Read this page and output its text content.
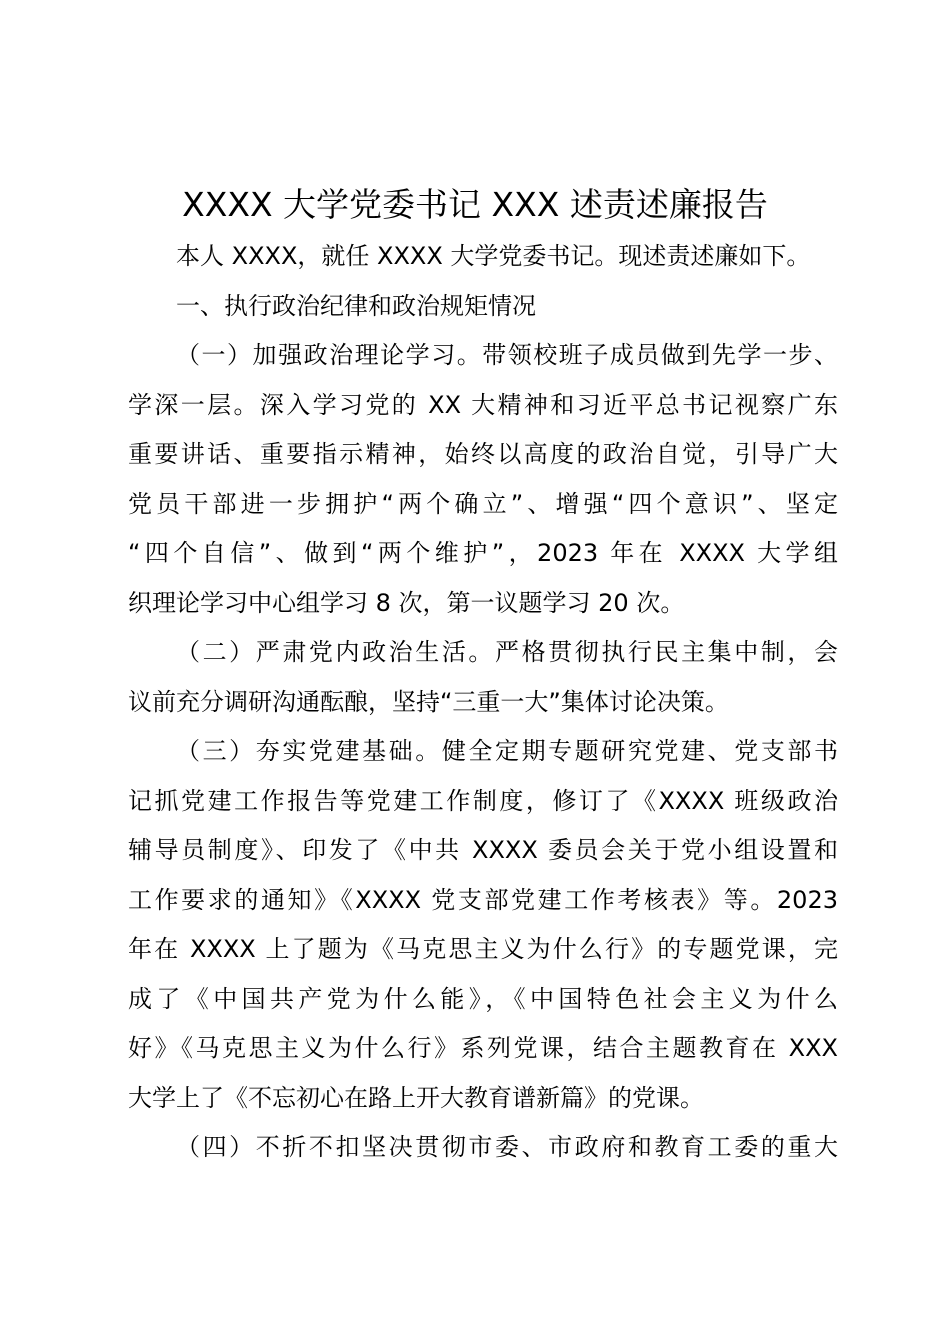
XXXX 大学党委书记 XXX 述责述廉报告
本人 XXXX，就任 XXXX 大学党委书记。现述责述廉如下。
一、执行政治纪律和政治规矩情况
（一）加强政治理论学习。带领校班子成员做到先学一步、
学深一层。深入学习党的 XX 大精神和习近平总书记视察广东
重要讲话、重要指示精神，始终以高度的政治自觉，引导广大
党员干部进一步拥护“两个确立”、增强“四个意识”、坚定
“四个自信”、做到“两个维护”，2023 年在 XXXX 大学组
织理论学习中心组学习 8 次，第一议题学习 20 次。
（二）严肃党内政治生活。严格贯彻执行民主集中制，会
议前充分调研沟通酝酿，坚持“三重一大”集体讨论决策。
（三）夯实党建基础。健全定期专题研究党建、党支部书
记抓党建工作报告等党建工作制度，修订了《XXXX 班级政治
辅导员制度》、印发了《中共 XXXX 委员会关于党小组设置和
工作要求的通知》《XXXX 党支部党建工作考核表》等。2023
年在 XXXX 上了题为《马克思主义为什么行》的专题党课，完
成了《中国共产党为什么能》，《中国特色社会主义为什么
好》《马克思主义为什么行》系列党课，结合主题教育在 XXX
大学上了《不忘初心在路上开大教育谱新篇》的党课。
（四）不折不扣坚决贯彻市委、市政府和教育工委的重大
